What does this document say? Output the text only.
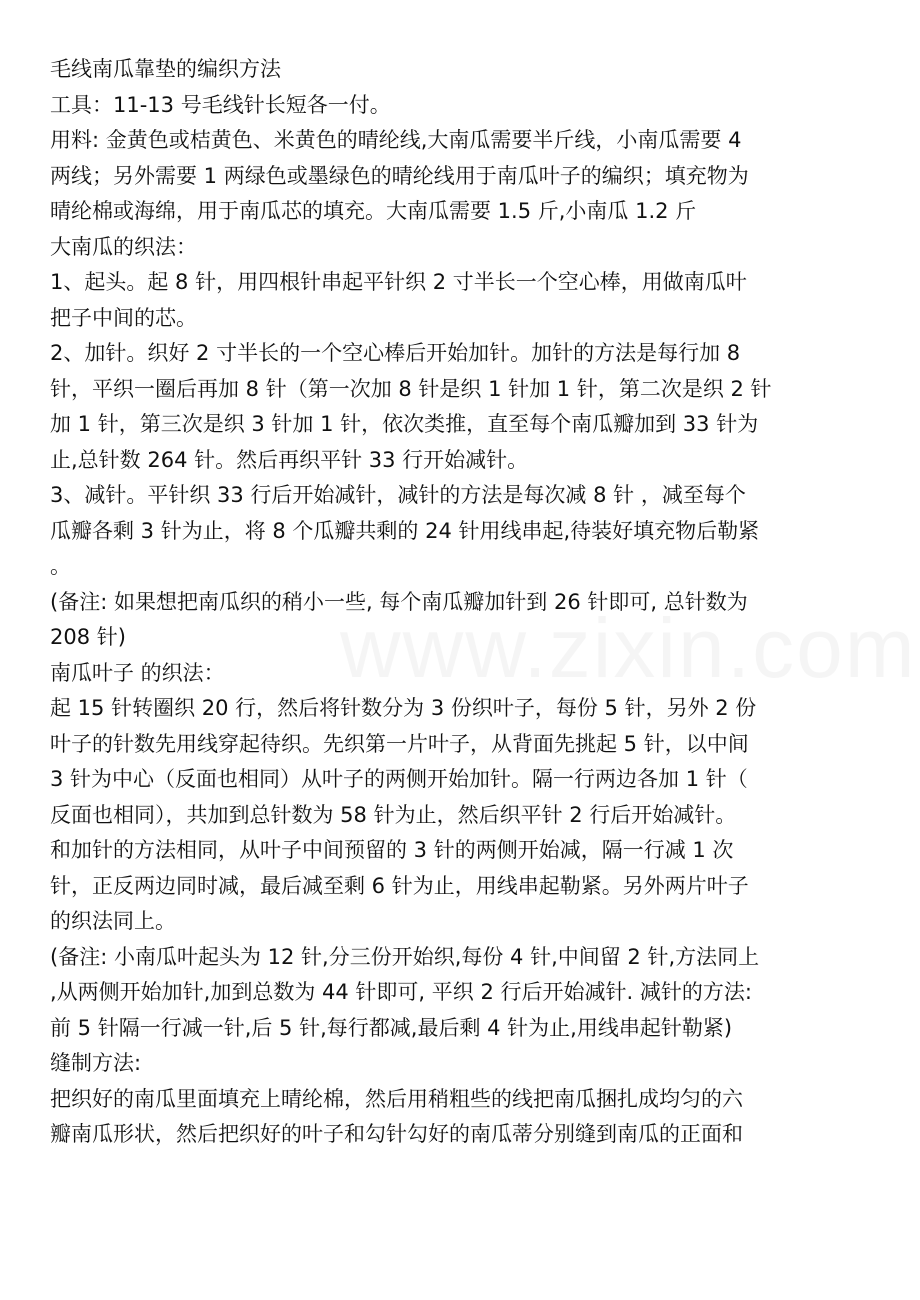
毛线南瓜靠垫的编织方法
工具：11-13 号毛线针长短各一付。
用料: 金黄色或桔黄色、米黄色的晴纶线,大南瓜需要半斤线，小南瓜需要 4
两线；另外需要 1 两绿色或墨绿色的晴纶线用于南瓜叶子的编织；填充物为
晴纶棉或海绵，用于南瓜芯的填充。大南瓜需要 1.5 斤,小南瓜 1.2 斤
大南瓜的织法：
1、起头。起 8 针，用四根针串起平针织 2 寸半长一个空心棒，用做南瓜叶
把子中间的芯。
2、加针。织好 2 寸半长的一个空心棒后开始加针。加针的方法是每行加 8
针，平织一圈后再加 8 针（第一次加 8 针是织 1 针加 1 针，第二次是织 2 针
加 1 针，第三次是织 3 针加 1 针，依次类推，直至每个南瓜瓣加到 33 针为
止,总针数 264 针。然后再织平针 33 行开始减针。
3、减针。平针织 33 行后开始减针，减针的方法是每次减 8 针 ，减至每个
瓜瓣各剩 3 针为止，将 8 个瓜瓣共剩的 24 针用线串起,待装好填充物后勒紧
。
(备注: 如果想把南瓜织的稍小一些, 每个南瓜瓣加针到 26 针即可, 总针数为
208 针)
南瓜叶子 的织法：
起 15 针转圈织 20 行，然后将针数分为 3 份织叶子，每份 5 针，另外 2 份
叶子的针数先用线穿起待织。先织第一片叶子，从背面先挑起 5 针，以中间
3 针为中心（反面也相同）从叶子的两侧开始加针。隔一行两边各加 1 针（
反面也相同），共加到总针数为 58 针为止，然后织平针 2 行后开始减针。
和加针的方法相同，从叶子中间预留的 3 针的两侧开始减，隔一行减 1 次
针，正反两边同时减，最后减至剩 6 针为止，用线串起勒紧。另外两片叶子
的织法同上。
(备注: 小南瓜叶起头为 12 针,分三份开始织,每份 4 针,中间留 2 针,方法同上
,从两侧开始加针,加到总数为 44 针即可, 平织 2 行后开始减针. 减针的方法:
前 5 针隔一行减一针,后 5 针,每行都减,最后剩 4 针为止,用线串起针勒紧)
缝制方法:
把织好的南瓜里面填充上晴纶棉，然后用稍粗些的线把南瓜捆扎成均匀的六
瓣南瓜形状，然后把织好的叶子和勾针勾好的南瓜蒂分别缝到南瓜的正面和
